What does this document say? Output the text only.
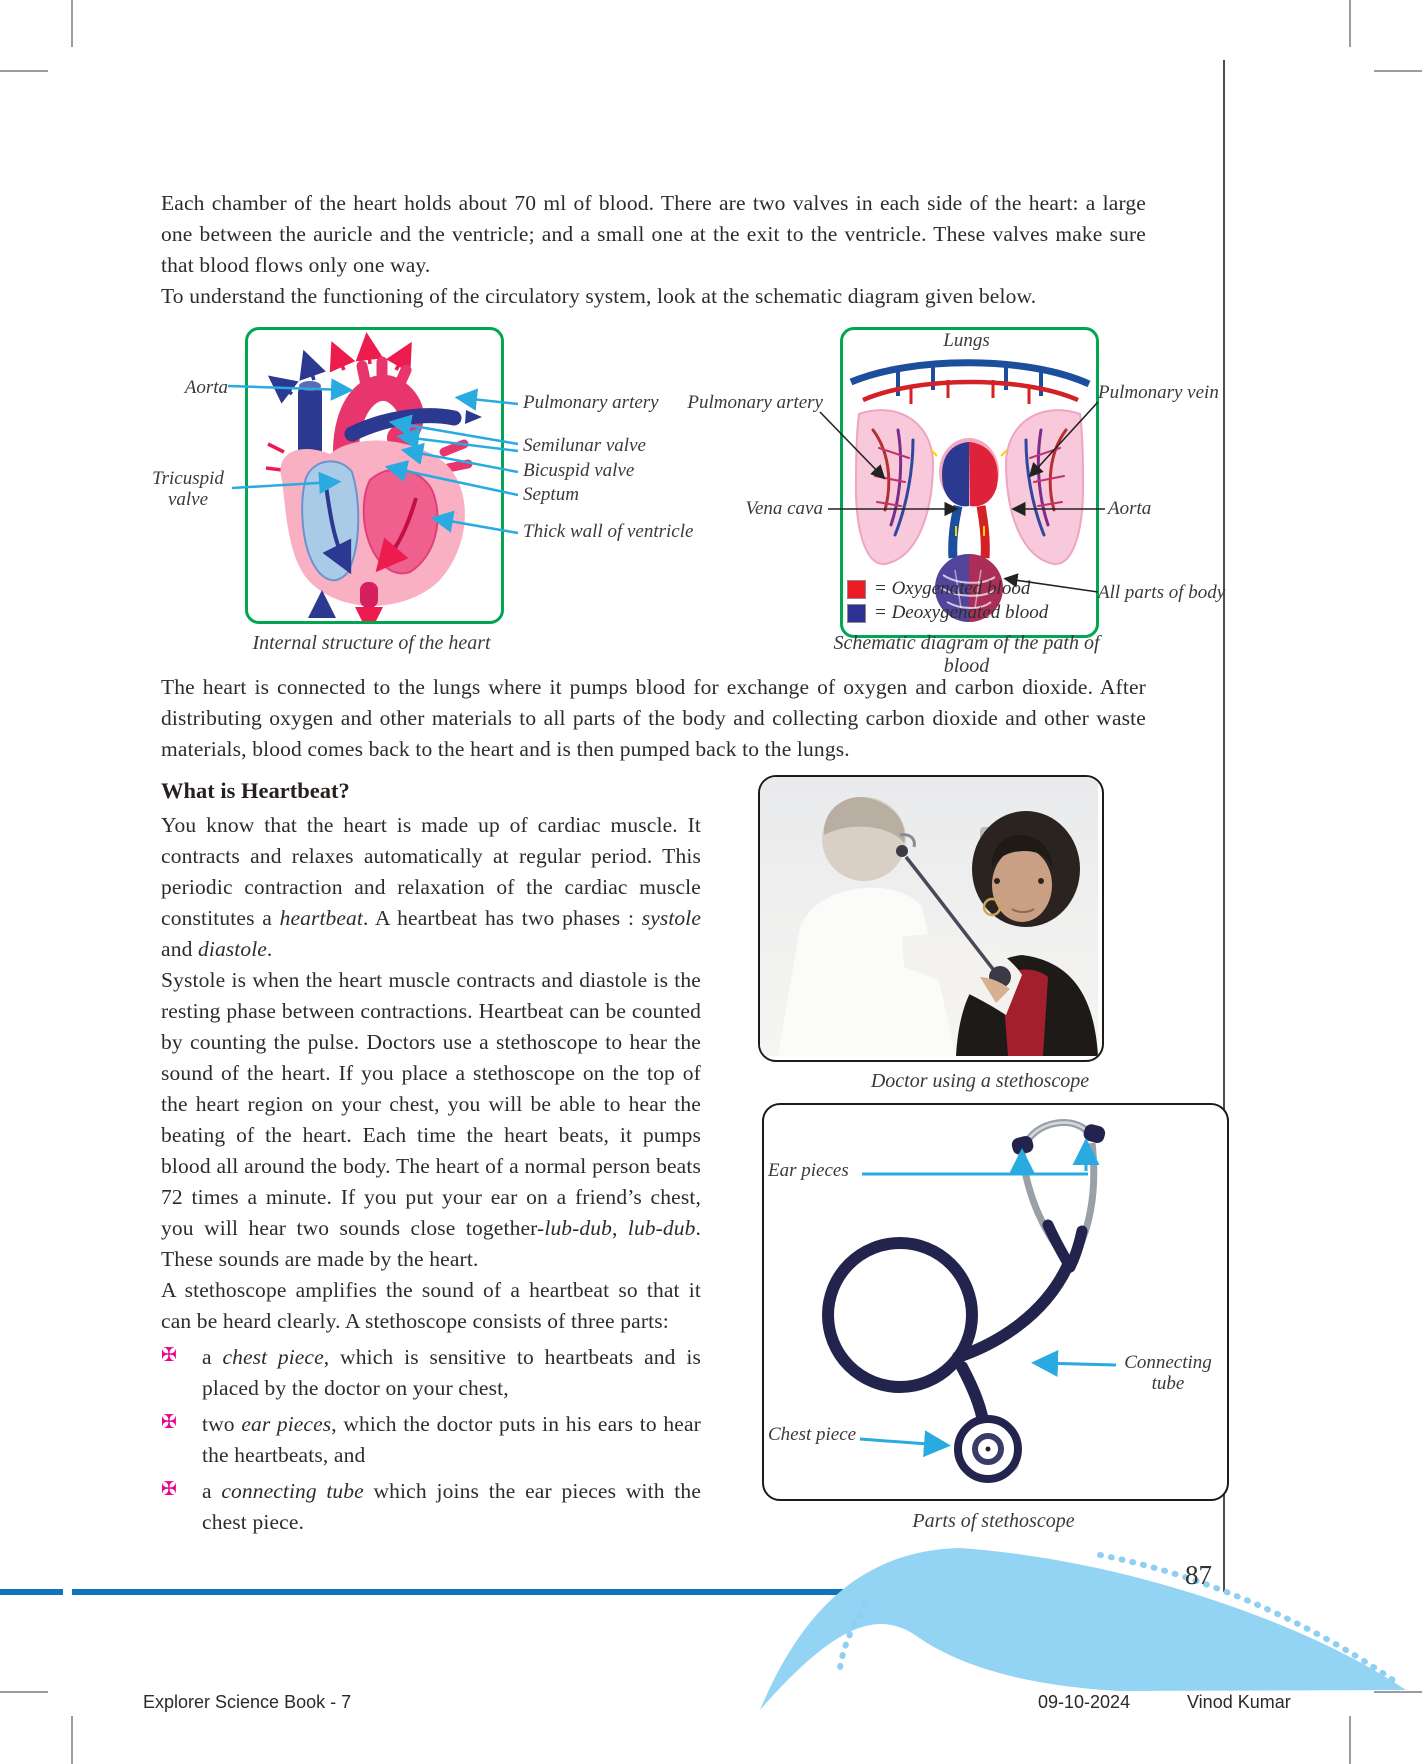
Each chamber of the heart holds about 70 ml of blood. There are two valves in each side of the heart: a large one between the auricle and the ventricle; and a small one at the exit to the ventricle. These valves make sure that blood flows only one way.
To understand the functioning of the circulatory system, look at the schematic diagram given below.
Aorta
Tricuspid valve
Pulmonary artery
Semilunar valve
Bicuspid valve
Septum
Thick wall of ventricle
Internal structure of the heart
Lungs
Pulmonary artery	Pulmonary vein
Vena cava	Aorta
All parts of body
= Oxygenated blood
= Deoxygenated blood
Schematic diagram of the path of blood
The heart is connected to the lungs where it pumps blood for exchange of oxygen and carbon dioxide. After distributing oxygen and other materials to all parts of the body and collecting carbon dioxide and other waste materials, blood comes back to the heart and is then pumped back to the lungs.
What is Heartbeat?

You know that the heart is made up of cardiac muscle. It contracts and relaxes automatically at regular period. This periodic contraction and relaxation of the cardiac muscle constitutes a heartbeat. A heartbeat has two phases : systole and diastole.

Systole is when the heart muscle contracts and diastole is the resting phase between contractions. Heartbeat can be counted by counting the pulse. Doctors use a stethoscope to hear the sound of the heart. If you place a stethoscope on the top of the heart region on your chest, you will be able to hear the beating of the heart. Each time the heart beats, it pumps blood all around the body. The heart of a normal person beats 72 times a minute. If you put your ear on a friend’s chest, you will hear two sounds close together-lub-dub, lub-dub. These sounds are made by the heart.

A stethoscope amplifies the sound of a heartbeat so that it can be heard clearly. A stethoscope consists of three parts:

✠	a chest piece, which is sensitive to heartbeats and is placed by the doctor on your chest,
✠	two ear pieces, which the doctor puts in his ears to hear the heartbeats, and
✠	a connecting tube which joins the ear pieces with the chest piece.
Doctor using a stethoscope
Ear pieces
Connecting tube
Chest piece
Parts of stethoscope
87
Explorer Science Book - 7	09-10-2024	Vinod Kumar
